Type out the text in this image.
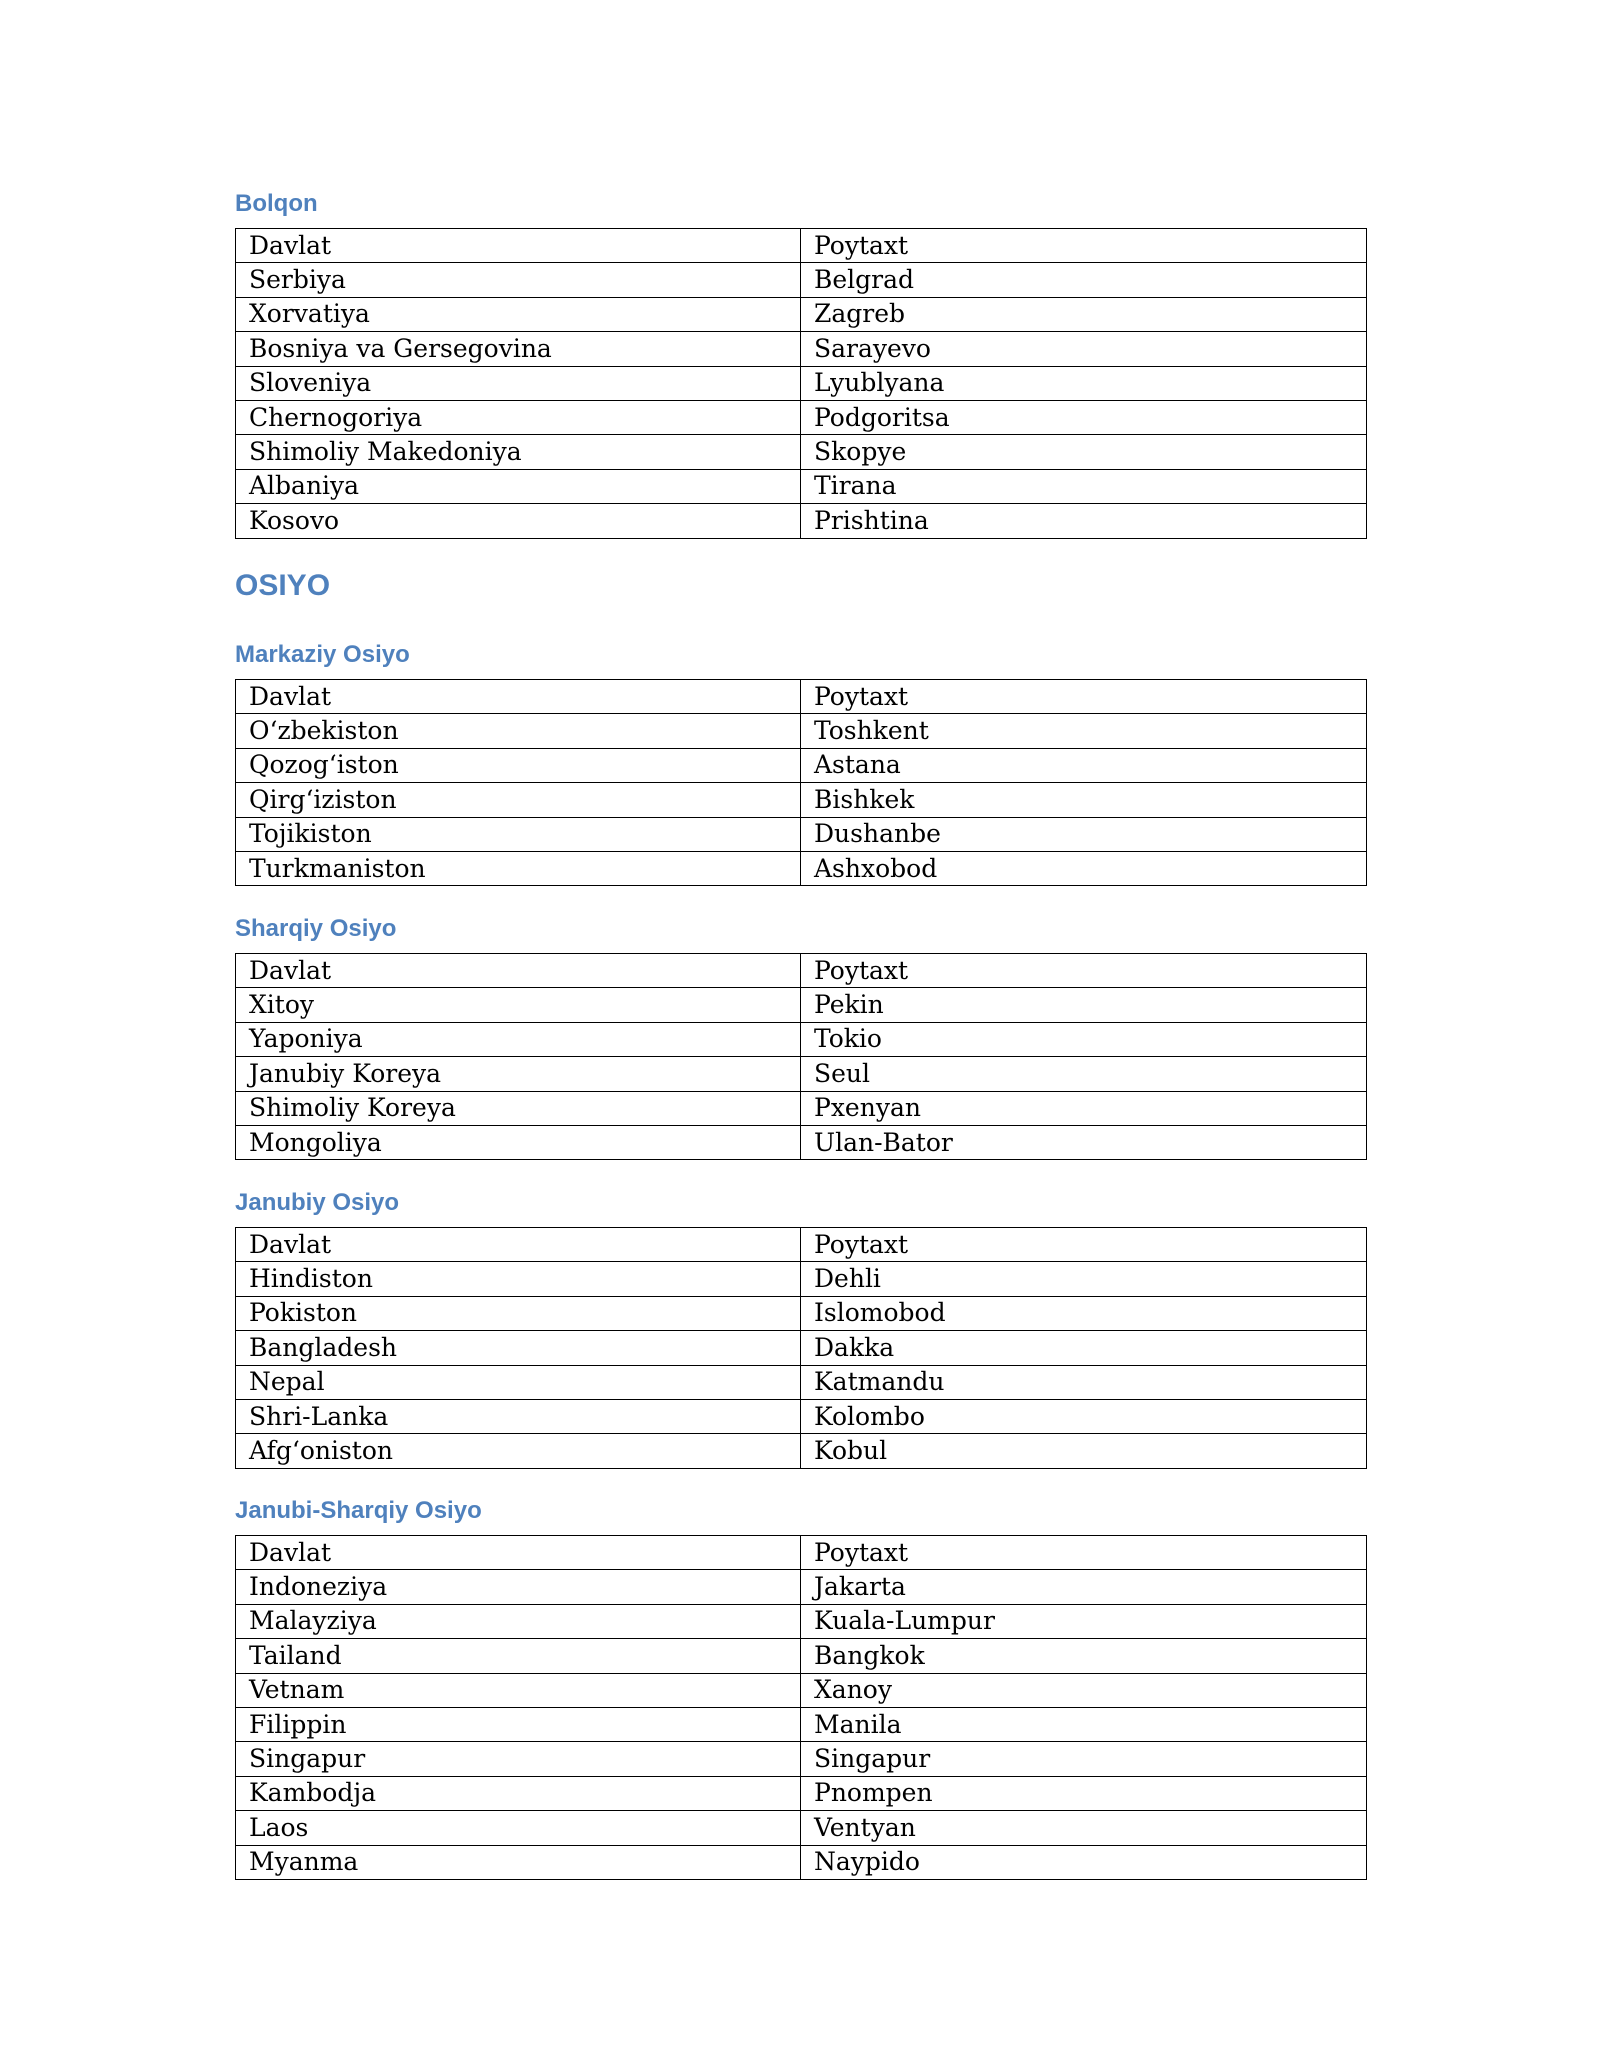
Bolqon
Davlat	Poytaxt
Serbiya	Belgrad
Xorvatiya	Zagreb
Bosniya va Gersegovina	Sarayevo
Sloveniya	Lyublyana
Chernogoriya	Podgoritsa
Shimoliy Makedoniya	Skopye
Albaniya	Tirana
Kosovo	Prishtina
OSIYO
Markaziy Osiyo
Davlat	Poytaxt
O‘zbekiston	Toshkent
Qozog‘iston	Astana
Qirg‘iziston	Bishkek
Tojikiston	Dushanbe
Turkmaniston	Ashxobod
Sharqiy Osiyo
Davlat	Poytaxt
Xitoy	Pekin
Yaponiya	Tokio
Janubiy Koreya	Seul
Shimoliy Koreya	Pxenyan
Mongoliya	Ulan-Bator
Janubiy Osiyo
Davlat	Poytaxt
Hindiston	Dehli
Pokiston	Islomobod
Bangladesh	Dakka
Nepal	Katmandu
Shri-Lanka	Kolombo
Afg‘oniston	Kobul
Janubi-Sharqiy Osiyo
Davlat	Poytaxt
Indoneziya	Jakarta
Malayziya	Kuala-Lumpur
Tailand	Bangkok
Vetnam	Xanoy
Filippin	Manila
Singapur	Singapur
Kambodja	Pnompen
Laos	Ventyan
Myanma	Naypido
